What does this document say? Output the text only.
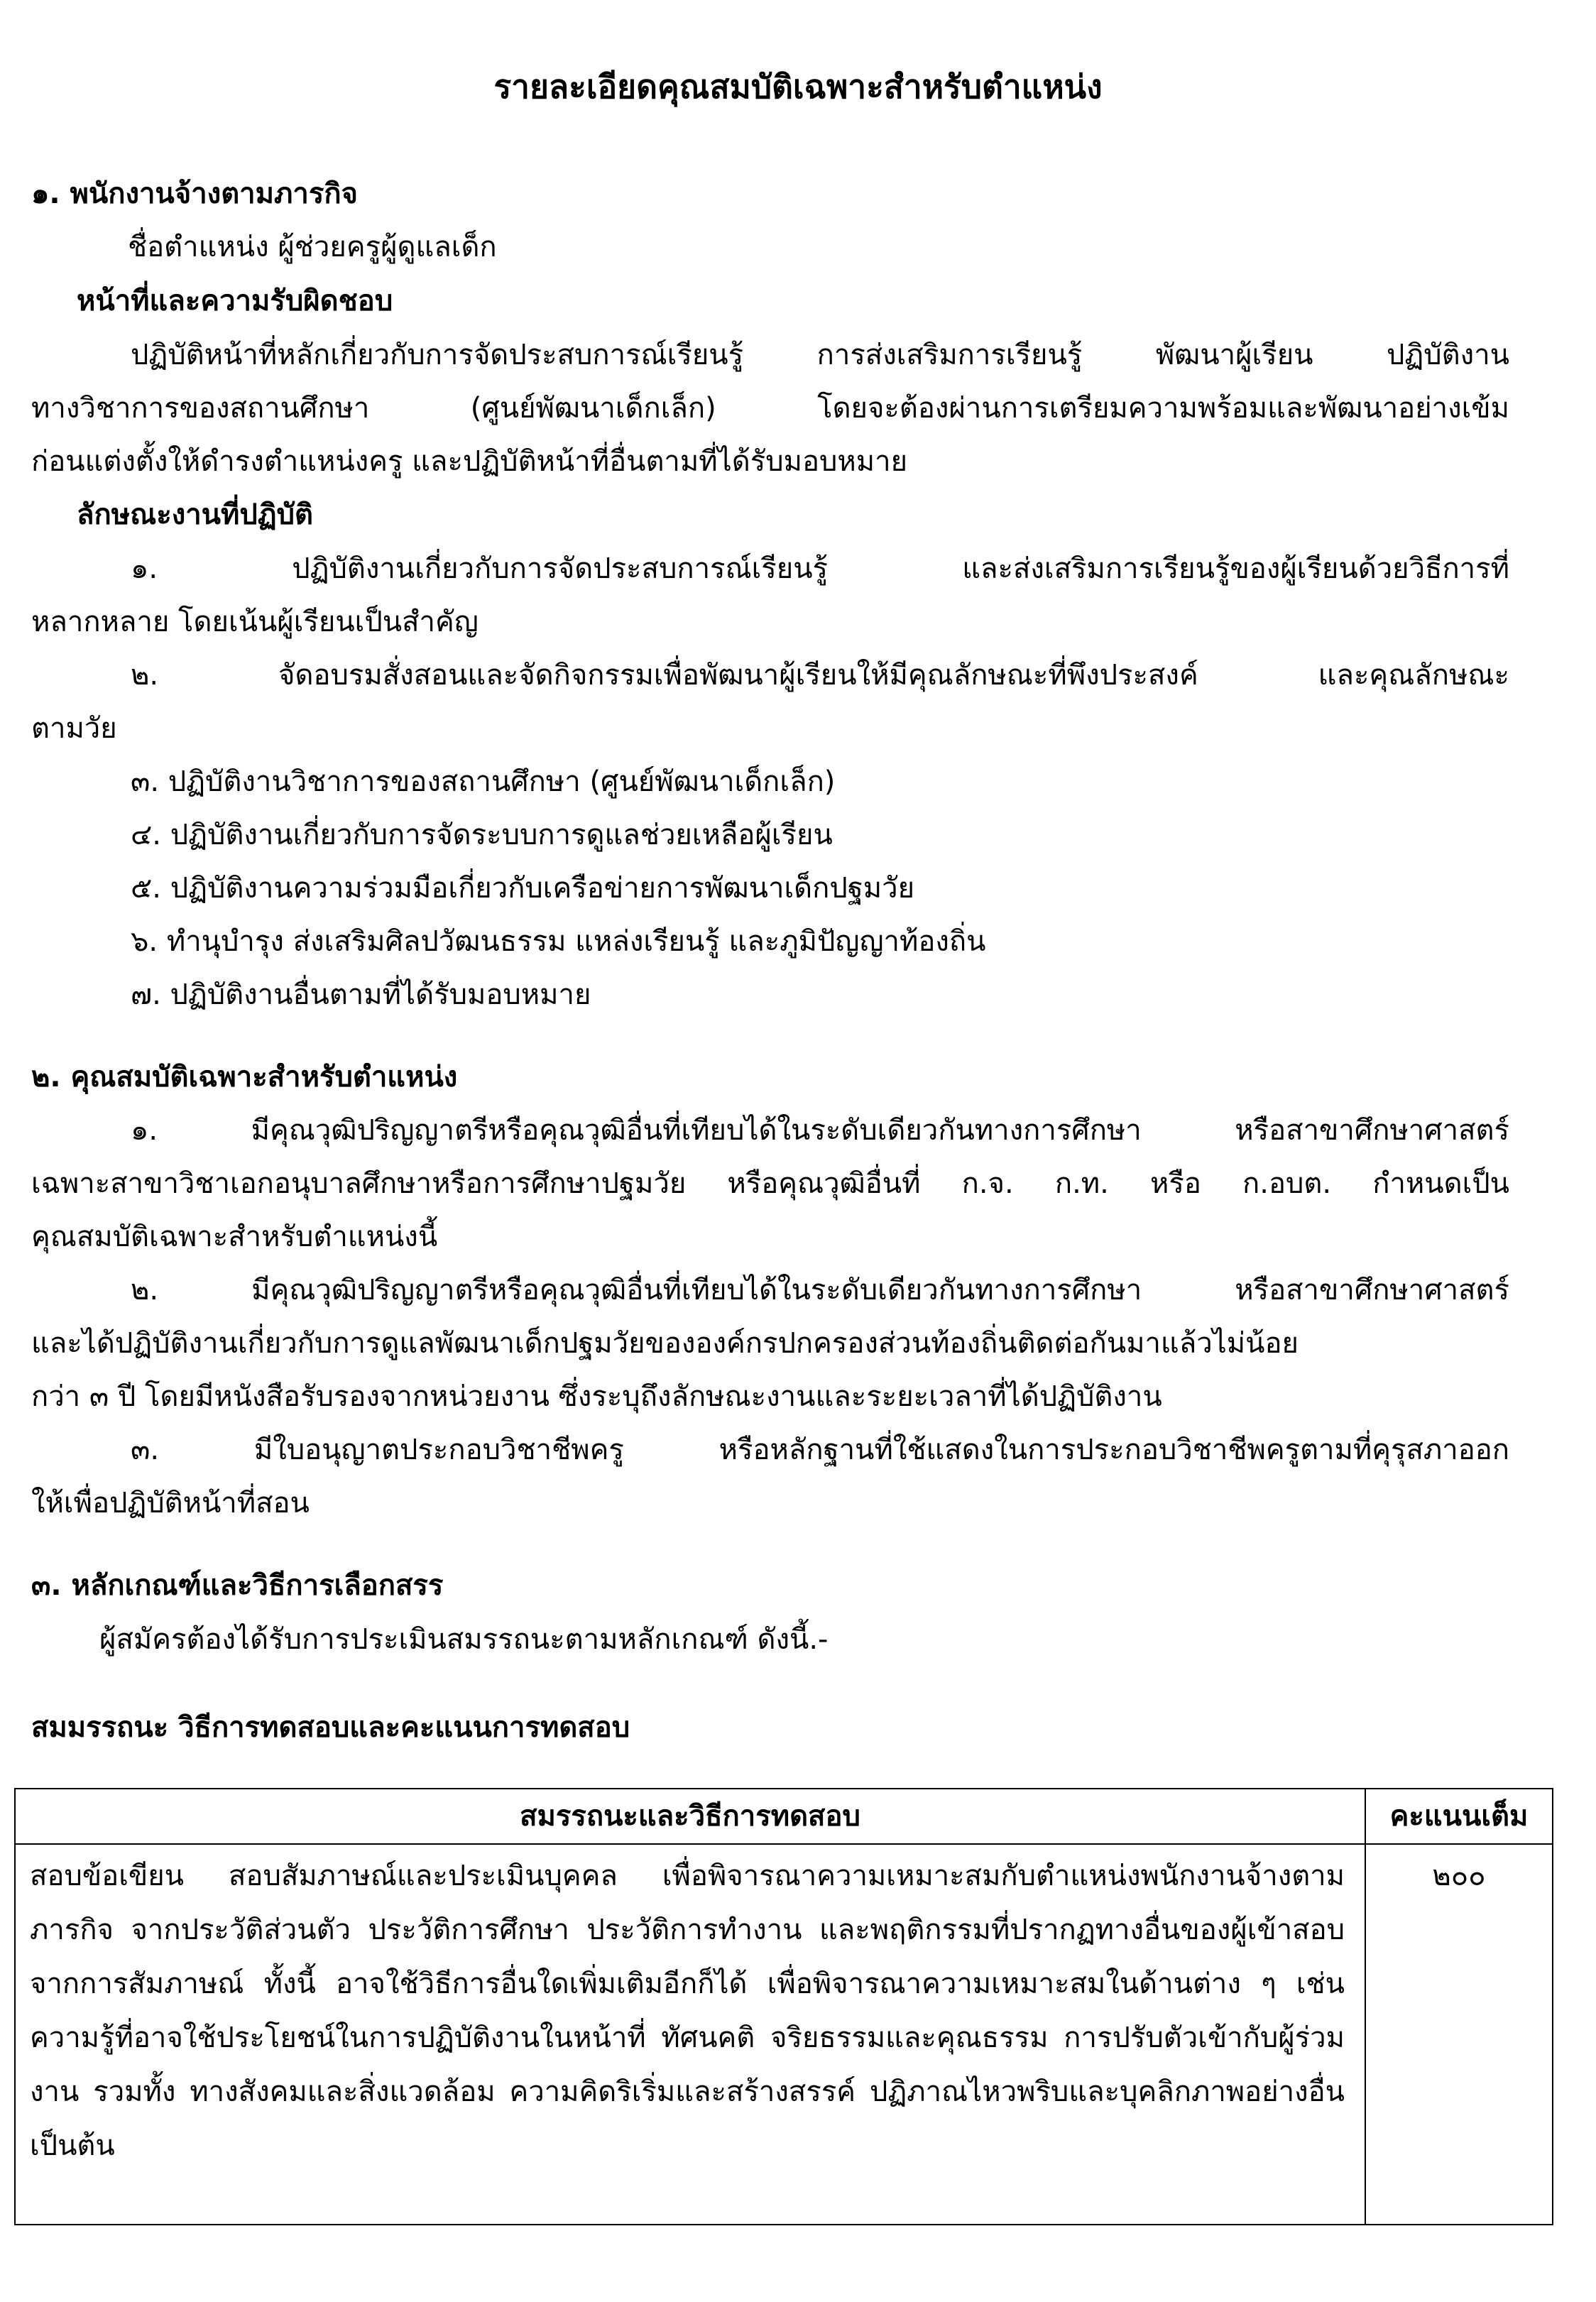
รายละเอียดคุณสมบัติเฉพาะสำหรับตำแหน่ง
๑. พนักงานจ้างตามภารกิจ
ชื่อตำแหน่ง ผู้ช่วยครูผู้ดูแลเด็ก
หน้าที่และความรับผิดชอบ
ปฏิบัติหน้าที่หลักเกี่ยวกับการจัดประสบการณ์เรียนรู้ การส่งเสริมการเรียนรู้ พัฒนาผู้เรียน ปฏิบัติงาน
ทางวิชาการของสถานศึกษา (ศูนย์พัฒนาเด็กเล็ก) โดยจะต้องผ่านการเตรียมความพร้อมและพัฒนาอย่างเข้ม
ก่อนแต่งตั้งให้ดำรงตำแหน่งครู และปฏิบัติหน้าที่อื่นตามที่ได้รับมอบหมาย
ลักษณะงานที่ปฏิบัติ
๑. ปฏิบัติงานเกี่ยวกับการจัดประสบการณ์เรียนรู้ และส่งเสริมการเรียนรู้ของผู้เรียนด้วยวิธีการที่
หลากหลาย โดยเน้นผู้เรียนเป็นสำคัญ
๒. จัดอบรมสั่งสอนและจัดกิจกรรมเพื่อพัฒนาผู้เรียนให้มีคุณลักษณะที่พึงประสงค์ และคุณลักษณะ
ตามวัย
๓. ปฏิบัติงานวิชาการของสถานศึกษา (ศูนย์พัฒนาเด็กเล็ก)
๔. ปฏิบัติงานเกี่ยวกับการจัดระบบการดูแลช่วยเหลือผู้เรียน
๕. ปฏิบัติงานความร่วมมือเกี่ยวกับเครือข่ายการพัฒนาเด็กปฐมวัย
๖. ทำนุบำรุง ส่งเสริมศิลปวัฒนธรรม แหล่งเรียนรู้ และภูมิปัญญาท้องถิ่น
๗. ปฏิบัติงานอื่นตามที่ได้รับมอบหมาย
๒. คุณสมบัติเฉพาะสำหรับตำแหน่ง
๑. มีคุณวุฒิปริญญาตรีหรือคุณวุฒิอื่นที่เทียบได้ในระดับเดียวกันทางการศึกษา หรือสาขาศึกษาศาสตร์
เฉพาะสาขาวิชาเอกอนุบาลศึกษาหรือการศึกษาปฐมวัย หรือคุณวุฒิอื่นที่ ก.จ. ก.ท. หรือ ก.อบต. กำหนดเป็น
คุณสมบัติเฉพาะสำหรับตำแหน่งนี้
๒. มีคุณวุฒิปริญญาตรีหรือคุณวุฒิอื่นที่เทียบได้ในระดับเดียวกันทางการศึกษา หรือสาขาศึกษาศาสตร์
และได้ปฏิบัติงานเกี่ยวกับการดูแลพัฒนาเด็กปฐมวัยขององค์กรปกครองส่วนท้องถิ่นติดต่อกันมาแล้วไม่น้อย
กว่า ๓ ปี โดยมีหนังสือรับรองจากหน่วยงาน ซึ่งระบุถึงลักษณะงานและระยะเวลาที่ได้ปฏิบัติงาน
๓. มีใบอนุญาตประกอบวิชาชีพครู หรือหลักฐานที่ใช้แสดงในการประกอบวิชาชีพครูตามที่คุรุสภาออก
ให้เพื่อปฏิบัติหน้าที่สอน
๓. หลักเกณฑ์และวิธีการเลือกสรร
ผู้สมัครต้องได้รับการประเมินสมรรถนะตามหลักเกณฑ์ ดังนี้.-
สมมรรถนะ วิธีการทดสอบและคะแนนการทดสอบ
สมรรถนะและวิธีการทดสอบ	คะแนนเต็ม
สอบข้อเขียน สอบสัมภาษณ์และประเมินบุคคล เพื่อพิจารณาความเหมาะสมกับตำแหน่งพนักงานจ้างตามภารกิจ จากประวัติส่วนตัว ประวัติการศึกษา ประวัติการทำงาน และพฤติกรรมที่ปรากฏทางอื่นของผู้เข้าสอบจากการสัมภาษณ์ ทั้งนี้ อาจใช้วิธีการอื่นใดเพิ่มเติมอีกก็ได้ เพื่อพิจารณาความเหมาะสมในด้านต่าง ๆ เช่น ความรู้ที่อาจใช้ประโยชน์ในการปฏิบัติงานในหน้าที่ ทัศนคติ จริยธรรมและคุณธรรม การปรับตัวเข้ากับผู้ร่วมงาน รวมทั้ง ทางสังคมและสิ่งแวดล้อม ความคิดริเริ่มและสร้างสรรค์ ปฏิภาณไหวพริบและบุคลิกภาพอย่างอื่น เป็นต้น	๒๐๐
